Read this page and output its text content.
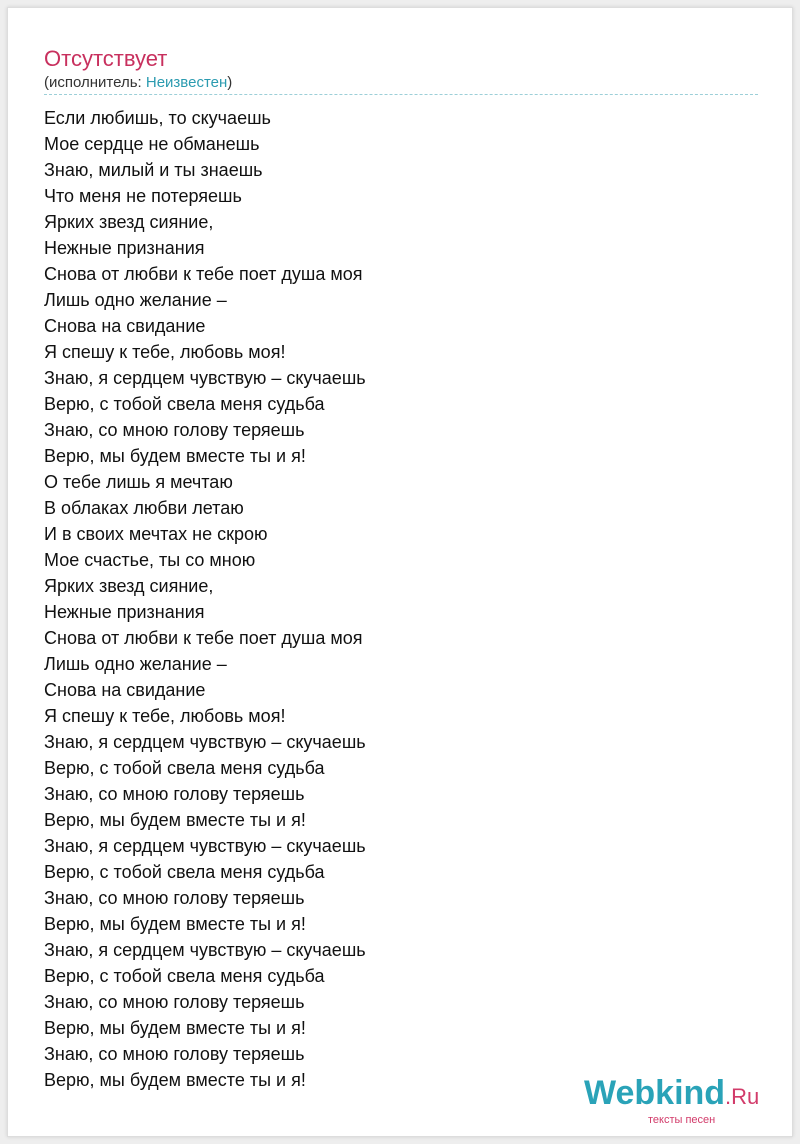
Отсутствует
(исполнитель: Неизвестен)
Если любишь, то скучаешь
Мое сердце не обманешь
Знаю, милый и ты знаешь
Что меня не потеряешь
Ярких звезд сияние,
Нежные признания
Снова от любви к тебе поет душа моя
Лишь одно желание –
Снова на свидание
Я спешу к тебе, любовь моя!
Знаю, я сердцем чувствую – скучаешь
Верю, с тобой свела меня судьба
Знаю, со мною голову теряешь
Верю, мы будем вместе ты и я!
О тебе лишь я мечтаю
В облаках любви летаю
И в своих мечтах не скрою
Мое счастье, ты со мною
Ярких звезд сияние,
Нежные признания
Снова от любви к тебе поет душа моя
Лишь одно желание –
Снова на свидание
Я спешу к тебе, любовь моя!
Знаю, я сердцем чувствую – скучаешь
Верю, с тобой свела меня судьба
Знаю, со мною голову теряешь
Верю, мы будем вместе ты и я!
Знаю, я сердцем чувствую – скучаешь
Верю, с тобой свела меня судьба
Знаю, со мною голову теряешь
Верю, мы будем вместе ты и я!
Знаю, я сердцем чувствую – скучаешь
Верю, с тобой свела меня судьба
Знаю, со мною голову теряешь
Верю, мы будем вместе ты и я!
Знаю, со мною голову теряешь
Верю, мы будем вместе ты и я!	Webkind.Ru
тексты песен
